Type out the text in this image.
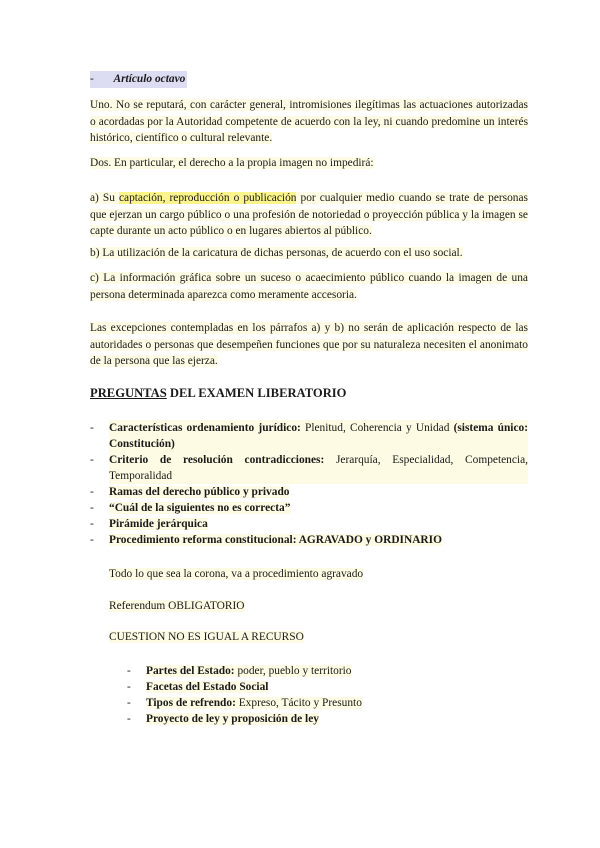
- Artículo octavo

Uno. No se reputará, con carácter general, intromisiones ilegítimas las actuaciones autorizadas o acordadas por la Autoridad competente de acuerdo con la ley, ni cuando predomine un interés histórico, científico o cultural relevante.

Dos. En particular, el derecho a la propia imagen no impedirá:

a) Su captación, reproducción o publicación por cualquier medio cuando se trate de personas que ejerzan un cargo público o una profesión de notoriedad o proyección pública y la imagen se capte durante un acto público o en lugares abiertos al público.

b) La utilización de la caricatura de dichas personas, de acuerdo con el uso social.

c) La información gráfica sobre un suceso o acaecimiento público cuando la imagen de una persona determinada aparezca como meramente accesoria.

Las excepciones contempladas en los párrafos a) y b) no serán de aplicación respecto de las autoridades o personas que desempeñen funciones que por su naturaleza necesiten el anonimato de la persona que las ejerza.

PREGUNTAS DEL EXAMEN LIBERATORIO
-	Características ordenamiento jurídico: Plenitud, Coherencia y Unidad (sistema único: Constitución)
-	Criterio de resolución contradicciones: Jerarquía, Especialidad, Competencia, Temporalidad
-	Ramas del derecho público y privado
-	“Cuál de la siguientes no es correcta”
-	Pirámide jerárquica
-	Procedimiento reforma constitucional: AGRAVADO y ORDINARIO
Todo lo que sea la corona, va a procedimiento agravado
Referendum OBLIGATORIO
CUESTION NO ES IGUAL A RECURSO
-	Partes del Estado: poder, pueblo y territorio
-	Facetas del Estado Social
-	Tipos de refrendo: Expreso, Tácito y Presunto
-	Proyecto de ley y proposición de ley
